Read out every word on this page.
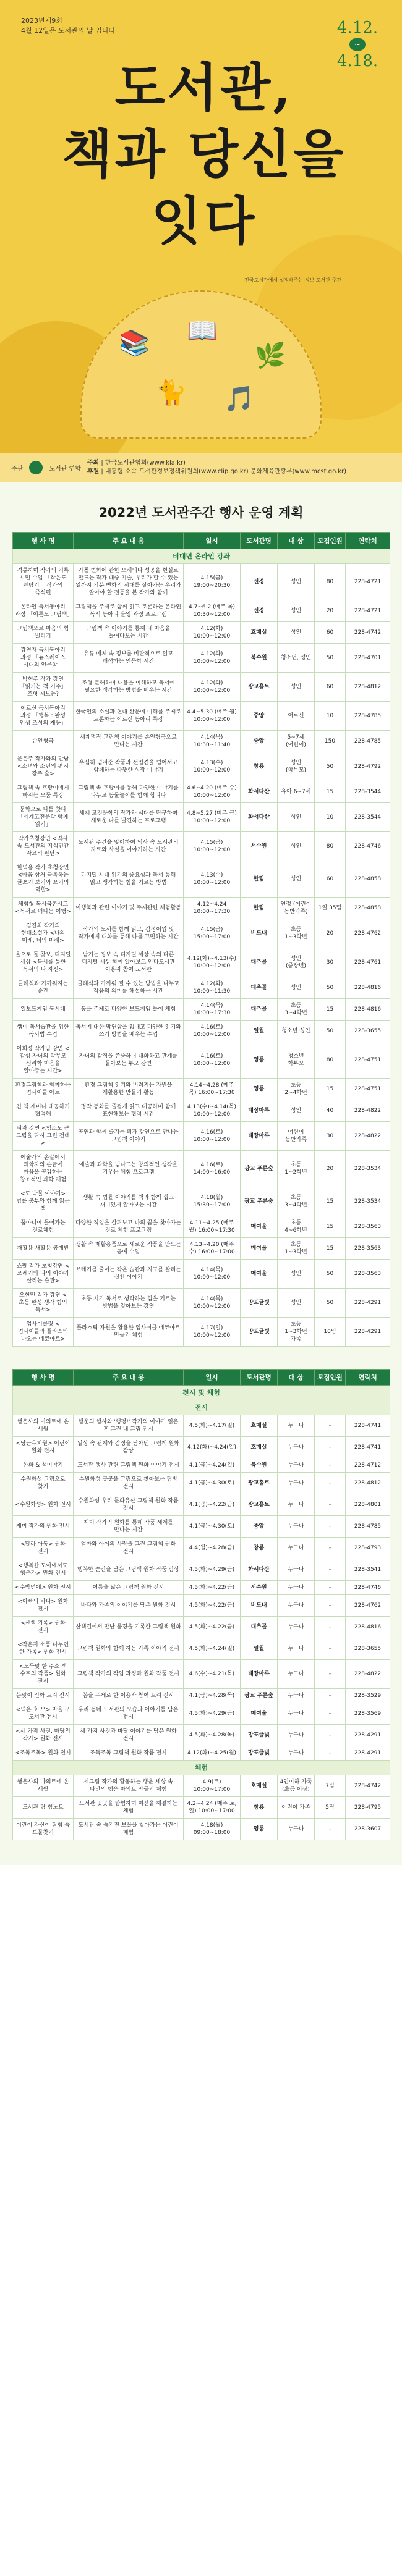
2023년제9회
4월 12일은 도서관의 날 입니다	4.12.
~
4.18.
도서관,
책과 당신을
잇다
전국도서관에서 설정해주는 정보 도서관 주간
📚 📖
🌿
🐈 🎵
주관	도서관 연합
주최 | 한국도서관협회(www.kla.kr)
후원 | 대통령 소속 도서관정보정책위원회(www.clip.go.kr) 문화체육관광부(www.mcst.go.kr)
2022년 도서관주간 행사 운영 계획
행 사 명	주 요 내 용	일시	도서관명	대 상	모집인원	연락처
비대면 온라인 강좌						
격류하며 작가의 기록 시민 수업 「작은도 관탐기」 작가의 즉석편	가톨 변화에 관한 오래되다 성공을 현실로 만드는 작가 대중 기술, 우리가 할 수 있는 일까지 기분 변화의 시대를 살아가는 우리가 알아야 할 전등을 본 작가와 함께	4.15(금) 19:00~20:30	선경	성인	80	228-4721
온라인 독서동아리 과정 「어른도 그림책」	그림책을 주제로 함께 읽고 토론하는 온라인 독서 동아리 운영 과정 프로그램	4.7~6.2 (매주 목) 10:30~12:00	선경	성인	20	228-4721
그림책으로 마음의 힘 빌리기	그림책 속 이야기를 통해 내 마음을 들여다보는 시간	4.12(화) 10:00~12:00	호매실	성인	60	228-4742
강연자 독서동아리 과정 「뉴스레이스 시대의 인문학」	유튜 매체 속 정보를 비판적으로 읽고 해석하는 인문학 시간	4.12(화) 10:00~12:00	북수원	청소년, 성인	50	228-4701
박형주 작가 강연 「읽기는 책 거주」 조형 제보는?	조형 분해하며 내용을 이해하고 독서에 필요한 생각하는 방법을 배우는 시간	4.12(화) 10:00~12:00	광교홀트	성인	60	228-4812
어르신 독서동아리 과정 「행복 : 완성 인생 조성의 재능」	한국인의 소설과 현대 산문에 이해를 주제로 토론하는 어르신 동아리 특강	4.4~5.30 (매주 월) 10:00~12:00	중앙	어르신	10	228-4785
손인형극	세계명작 그림책 이야기를 손인형극으로 만나는 시간	4.14(목) 10:30~11:40	중앙	5~7세 (어린이)	150	228-4785
문은주 작가와의 만남 <소녀와 소년의 편지 강주 숲>	우심히 넘겨준 작품과 선입견을 넘어서고 함께하는 따뜻한 성장 이야기	4.13(수) 10:00~12:00	창룡	성인 (학부모)	50	228-4792
그림책 속 호랑이에게 빠지는 모둠 특강	그림책 속 호랑이를 통해 다양한 이야기를 나누고 동물놀이를 함께 합니다	4.6~4.20 (매주 수) 10:00~12:00	화서다산	유아 6~7세	15	228-3544
문학으로 나를 찾다 「세계고전문학 함께 읽기」	세계 고전문학의 작가와 시대를 탐구하며 새로운 나를 발견하는 프로그램	4.8~5.27 (매주 금) 10:00~12:00	화서다산	성인	10	228-3544
작가초청강연 <먹사 속 도서관의 지식민간 자료의 판단>	도서관 주간을 맞이하여 역사 속 도서관의 자료와 사실을 이야기하는 시간	4.15(금) 10:00~12:00	서수원	성인	80	228-4746
한덕용 작가 초청강연 <마음 상처 극복하는 글쓰기 보기와 쓰기의 역할>	디지털 시대 읽기의 중요성과 독서 통해 읽고 생각하는 힘을 기르는 방법	4.13(수) 10:00~12:00	한림	성인	60	228-4858
체험형 독서북콘서트 <독서로 떠나는 여행>	여행북과 관련 이야기 및 주제관련 체험활동	4.12~4.24 10:00~17:30	한림	연령 (어린이 동반가족)	1일 35팀	228-4858
김진희 작가의 현대소설가 <나의 미래, 너의 미래>	작가의 도서를 함께 읽고, 감정이입 및 작가에게 대화를 통해 나를 고민하는 시간	4.15(금) 15:00~17:00	버드내	초등 1~3학년	20	228-4762
울으로 돌 찾보, 디지털 세상 <독서를 통한 독서의 나 자신>	남기는 정보 속 디지털 세상 속의 다른 디지털 세상 함께 알아보고 안다도서관 이용자 참여 도서관	4.12(화)~4.13(수) 10:00~12:00	대추골	성인 (중장년)	30	228-4761
클래식과 가까워지는 순간	클래식과 가까워 질 수 있는 방법을 나누고 작품의 의미를 해설하는 시간	4.12(화) 10:00~11:30	대추골	성인	50	228-4816
일보드게임 동시대	동을 주제로 다양한 보드게임 놀이 체험	4.14(목) 16:00~17:30	대추골	초등 3~4학년	15	228-4816
쌤이 독서습관을 위한 독서법 수업	독서에 대한 막연함을 없애고 다양한 읽기와 쓰기 방법을 배우는 수업	4.16(토) 10:00~12:00	일월	청소년 성인	50	228-3655
이희정 작가님 강연 <감성 자녀의 학부모 심리학 마음을 알아주는 시간>	자녀의 감정을 존중하며 대화하고 관계를 돌아보는 부모 강연	4.16(토) 10:00~12:00	영통	청소년 학부모	80	228-4751
환경그림책과 함께하는 업사이클 아트	환경 그림책 읽기와 버려지는 자원을 재활용한 만들기 활동	4.14~4.28 (매주 목) 16:00~17:30	영통	초등 2~4학년	15	228-4751
긴 책 제미나 대공하기 협력해	명작 동화를 즐겁게 읽고 대공하며 함께 표현해보는 협력 시간	4.13(수)~4.14(목) 10:00~12:00	태장마루	성인	40	228-4822
피자 강연 <염소도 큰 그림을 다시 그린 건데>	공연과 함께 즐기는 피자 강연으로 만나는 그림책 이야기	4.16(토) 10:00~12:00	태장마루	어린이 동반가족	30	228-4822
예술가의 손끝에서 과학자의 손끝에 마음울 공감하는 창조적인 과학 체험	예술과 과학을 넘나드는 창의적인 생각을 키우는 체험 프로그램	4.16(토) 14:00~16:00	광교 푸른숲	초등 1~2학년	20	228-3534
<도 박물 이야기> 법률 공부와 함께 읽는 책	생활 속 법률 이야기를 책과 함께 쉽고 재미있게 알아보는 시간	4.18(월) 15:30~17:00	광교 푸른숲	초등 3~4학년	15	228-3534
꿈아니에 들어가는 전로체험	다양한 직업을 살펴보고 나의 꿈을 찾아가는 진로 체험 프로그램	4.11~4.25 (매주 월) 16:00~17:30	매여울	초등 4~6학년	15	228-3563
재활용 새활용 공예반	생활 속 재활용품으로 새로운 작품을 만드는 공예 수업	4.13~4.20 (매주 수) 16:00~17:00	매여울	초등 1~3학년	15	228-3563
쇼팔 작가 초청강연 <쓰레기와 나의 이야기 살리는 습관>	쓰레기를 줄이는 작은 습관과 지구를 살리는 실천 이야기	4.14(목) 10:00~12:00	매여울	성인	50	228-3563
오현민 작가 강연 <초등 완성 생각 힘의 독서>	초등 시기 독서로 생각하는 힘을 기르는 방법을 알아보는 강연	4.14(목) 10:00~12:00	망포글빛	성인	50	228-4291
업사이클링 <업사이클과 플라스틱 나오는 에코아트>	플라스틱 자원을 활용한 업사이클 에코아트 만들기 체험	4.17(일) 10:00~12:00	망포글빛	초등 1~3학년 가족	10팀	228-4291
행 사 명	주 요 내 용	일시	도서관명	대 상	모집인원	연락처
전시 및 체험						
전시						
행운사의 미의트에 온 세월	행운의 행사와 '행펑!' 작가의 이야기 읽은 후 그린 내 그림 전시	4.5(화)~4.17(일)	호매실	누구나	-	228-4741
<당근유치원> 어린이 원화 전시	일상 속 관계와 감정을 담아낸 그림책 원화 감상	4.12(화)~4.24(일)	호매실	누구나	-	228-4741
한화 & 책이야기	도서관 행사 관련 그림책 원화 이야기 전시	4.1(금)~4.24(일)	북수원	누구나	-	228-4712
수원화성 그림으로 찾기	수원화성 곳곳을 그림으로 찾아보는 탐방 전시	4.1(금)~4.30(토)	광교홀트	누구나	-	228-4812
<수원화성> 원화 전시	수원화성 우리 문화유산 그림책 원화 작품 전시	4.1(금)~4.22(금)	광교홀트	누구나	-	228-4801
재미 작가의 원화 전시	재미 작가의 원화를 통해 작품 세계를 만나는 시간	4.1(금)~4.30(토)	중앙	누구나	-	228-4785
<달라 아동> 원화 전시	엄마와 아이의 사랑을 그린 그림책 원화 전시	4.4(월)~4.28(금)	창룡	누구나	-	228-4793
<행복한 모아에서도 행운가> 원화 전시	행복한 순간을 담은 그림책 원화 작품 감상	4.5(화)~4.29(금)	화서다산	누구나	-	228-3541
<수박먼에> 원화 전시	여름을 닮은 그림책 원화 전시	4.5(화)~4.22(금)	서수원	누구나	-	228-4746
<아빠의 바다> 원화 전시	바다와 가족의 이야기를 담은 원화 전시	4.5(화)~4.22(금)	버드내	누구나	-	228-4762
<산책 기록> 원화 전시	산책길에서 만난 풍경을 기록한 그림책 원화	4.5(화)~4.22(금)	대추골	누구나	-	228-4816
<작은지 소풍 나누던 한 가족> 원화 전시	그림책 원화와 함께 하는 가족 이야기 전시	4.5(화)~4.24(일)	일월	누구나	-	228-3655
<도둑맞 한 주소 책 수프의 작품> 원화 전시	그림책 작가의 작업 과정과 원화 작품 전시	4.6(수)~4.21(목)	태장마루	누구나	-	228-4822
봄맞이 인화 트리 전시	봄을 주제로 한 이용자 참여 트리 전시	4.1(금)~4.28(목)	광교 푸른숲	누구나	-	228-3529
<덕은 호 오> 마을 구 도서관 전시	우리 동네 도서관의 모습과 이야기를 담은 전시	4.5(화)~4.29(금)	매여울	누구나	-	228-3569
<세 가지 사진, 마당의 작가> 원화 전시	세 가지 사진과 마당 이야기를 담은 원화 전시	4.5(화)~4.28(목)	망포글빛	누구나	-	228-4291
<조독조독> 원화 전시	조독조독 그림책 원화 작품 전시	4.12(화)~4.25(월)	망포글빛	누구나	-	228-4291
체험						
행운사의 마의트에 온 세월	세그림 작가의 활동하는 행운 세상 속 나만의 행운 마의트 만들기 체험	4.9(토) 10:00~17:00	호매실	4인이하 가족 (초등 이상)	7팀	228-4742
도서관 탐 험노트	도서관 곳곳을 탐험하며 미션을 해결하는 체험	4.2~4.24 (매주 토, 일) 10:00~17:00	창룡	어린이 가족	5팀	228-4795
어린이 자신이 탐험 속 보물찾기	도서관 속 숨겨진 보물을 찾아가는 어린이 체험	4.18(월) 09:00~18:00	영통	누구나	-	228-3607
